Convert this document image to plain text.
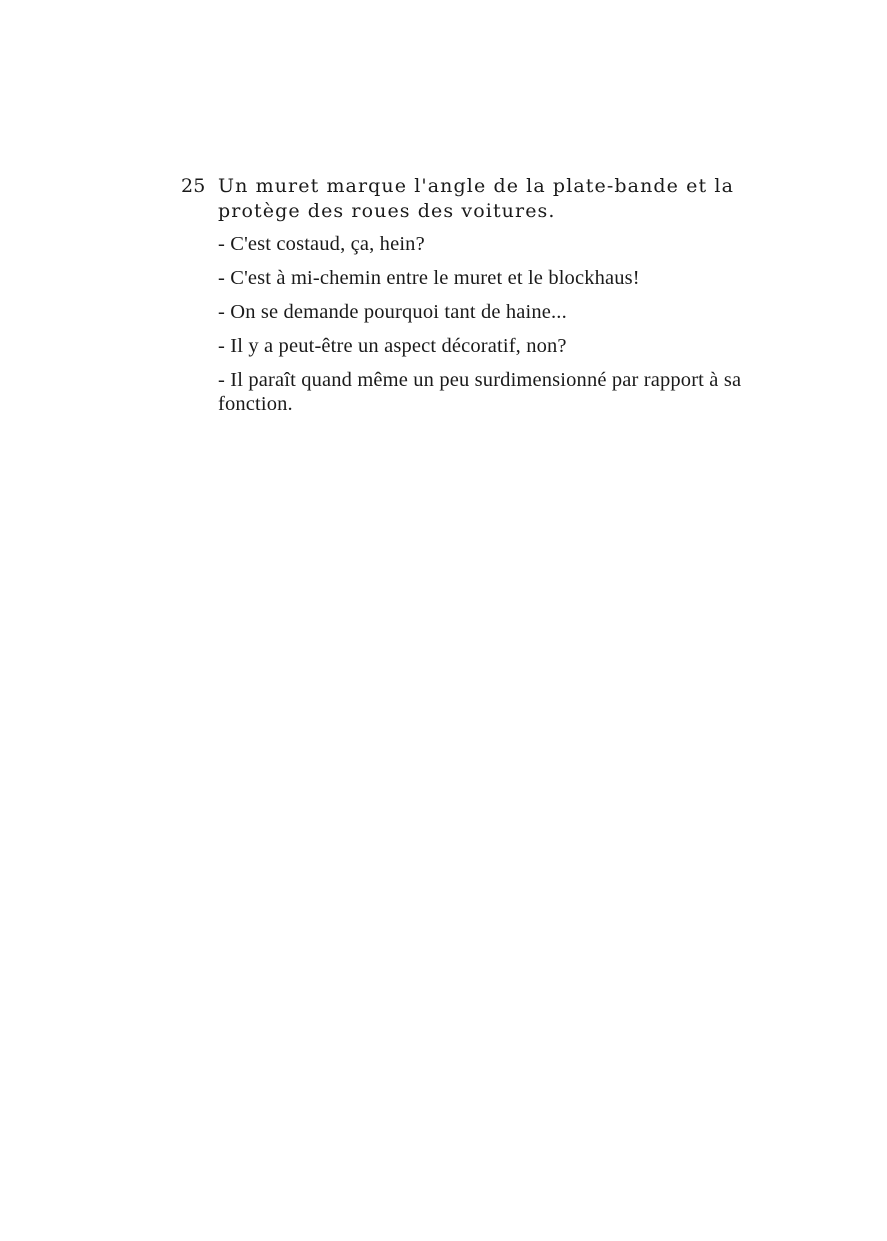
25 Un muret marque l'angle de la plate-bande et la protège des roues des voitures.

- C'est costaud, ça, hein?

- C'est à mi-chemin entre le muret et le blockhaus!

- On se demande pourquoi tant de haine...

- Il y a peut-être un aspect décoratif, non?

- Il paraît quand même un peu surdimensionné par rapport à sa fonction.
